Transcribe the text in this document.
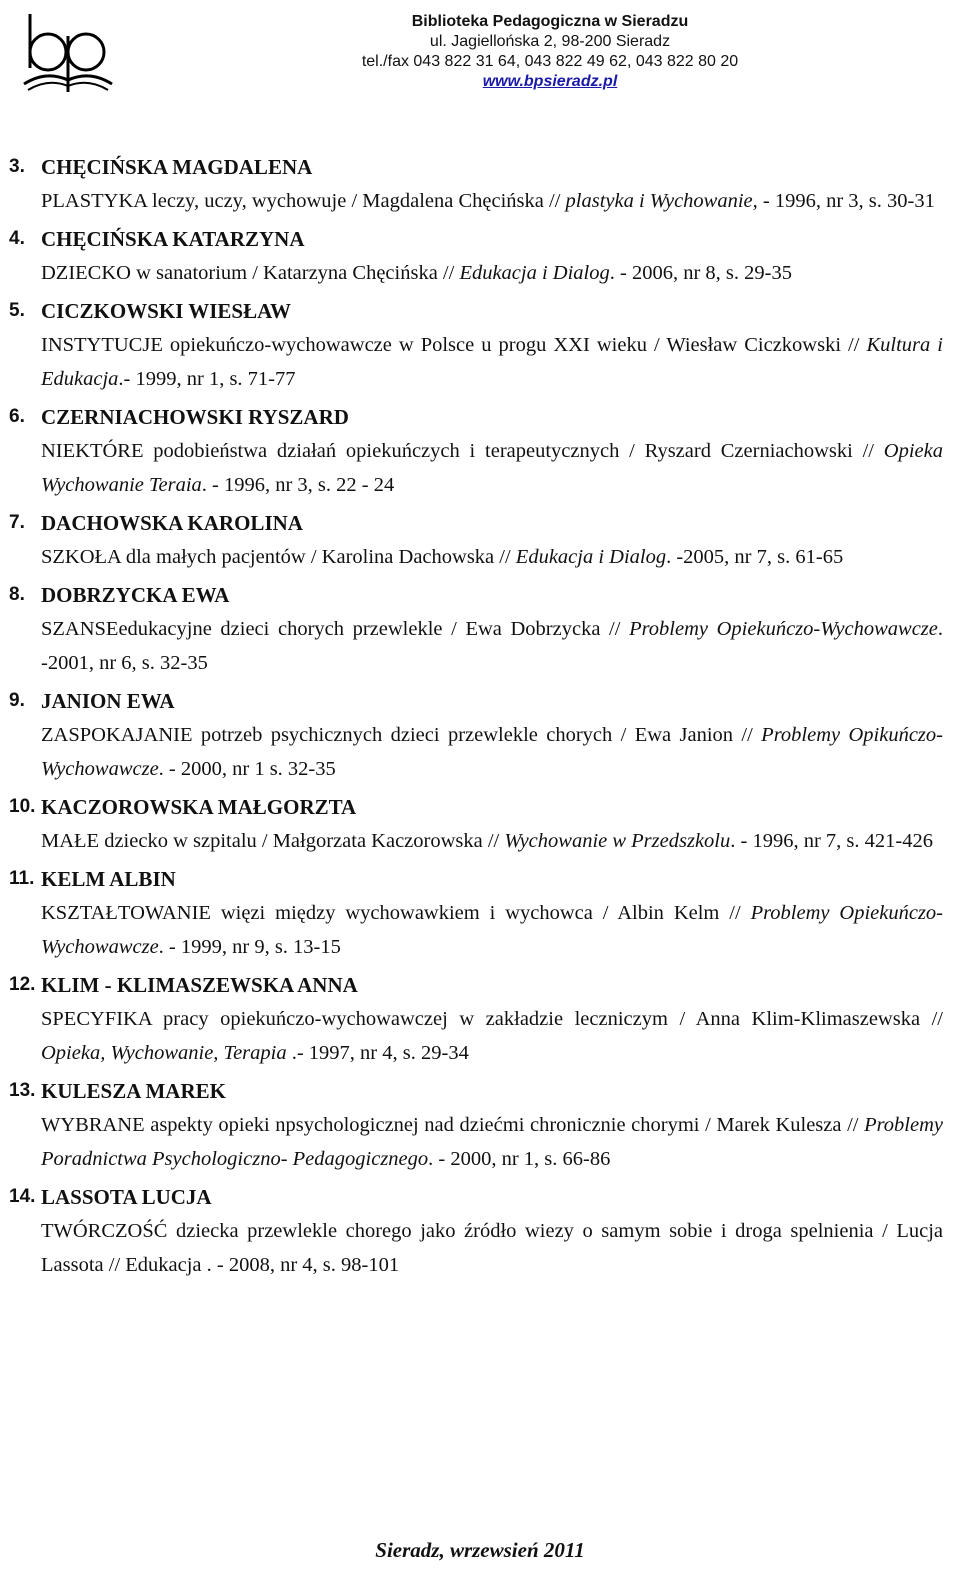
Biblioteka Pedagogiczna w Sieradzu
ul. Jagiellońska 2, 98-200 Sieradz
tel./fax 043 822 31 64, 043 822 49 62, 043 822 80 20
www.bpsieradz.pl
3. CHĘCIŃSKA MAGDALENA
PLASTYKA leczy, uczy, wychowuje / Magdalena Chęcińska // plastyka i Wychowanie, - 1996, nr 3, s. 30-31
4. CHĘCIŃSKA KATARZYNA
DZIECKO w sanatorium / Katarzyna Chęcińska // Edukacja i Dialog. - 2006, nr 8, s. 29-35
5. CICZKOWSKI WIESŁAW
INSTYTUCJE opiekuńczo-wychowawcze w Polsce u progu XXI wieku / Wiesław Ciczkowski // Kultura i Edukacja.- 1999, nr 1, s. 71-77
6. CZERNIACHOWSKI RYSZARD
NIEKTÓRE podobieństwa działań opiekuńczych i terapeutycznych / Ryszard Czerniachowski // Opieka Wychowanie Teraia. - 1996, nr 3, s. 22 - 24
7. DACHOWSKA KAROLINA
SZKOŁA dla małych pacjentów / Karolina Dachowska // Edukacja i Dialog. -2005, nr 7, s. 61-65
8. DOBRZYCKA EWA
SZANSEedukacyjne dzieci chorych przewlekle / Ewa Dobrzycka // Problemy Opiekuńczo-Wychowawcze. -2001, nr 6, s. 32-35
9. JANION EWA
ZASPOKAJANIE potrzeb psychicznych dzieci przewlekle chorych / Ewa Janion // Problemy Opikuńczo-Wychowawcze. - 2000, nr 1 s. 32-35
10. KACZOROWSKA MAŁGORZTA
MAŁE dziecko w szpitalu / Małgorzata Kaczorowska // Wychowanie w Przedszkolu. - 1996, nr 7, s. 421-426
11. KELM ALBIN
KSZTAŁTOWANIE więzi między wychowawkiem i wychowca / Albin Kelm // Problemy Opiekuńczo-Wychowawcze. - 1999, nr 9, s. 13-15
12. KLIM - KLIMASZEWSKA ANNA
SPECYFIKA pracy opiekuńczo-wychowawczej w zakładzie leczniczym / Anna Klim-Klimaszewska // Opieka, Wychowanie, Terapia .- 1997, nr 4, s. 29-34
13. KULESZA MAREK
WYBRANE aspekty opieki npsychologicznej nad dziećmi chronicznie chorymi / Marek Kulesza // Problemy Poradnictwa Psychologiczno- Pedagogicznego. - 2000, nr 1, s. 66-86
14. LASSOTA LUCJA
TWÓRCZOŚĆ dziecka przewlekle chorego jako źródło wiezy o samym sobie i droga spelnienia / Lucja Lassota // Edukacja . - 2008, nr 4, s. 98-101
Sieradz, wrzewsień 2011
